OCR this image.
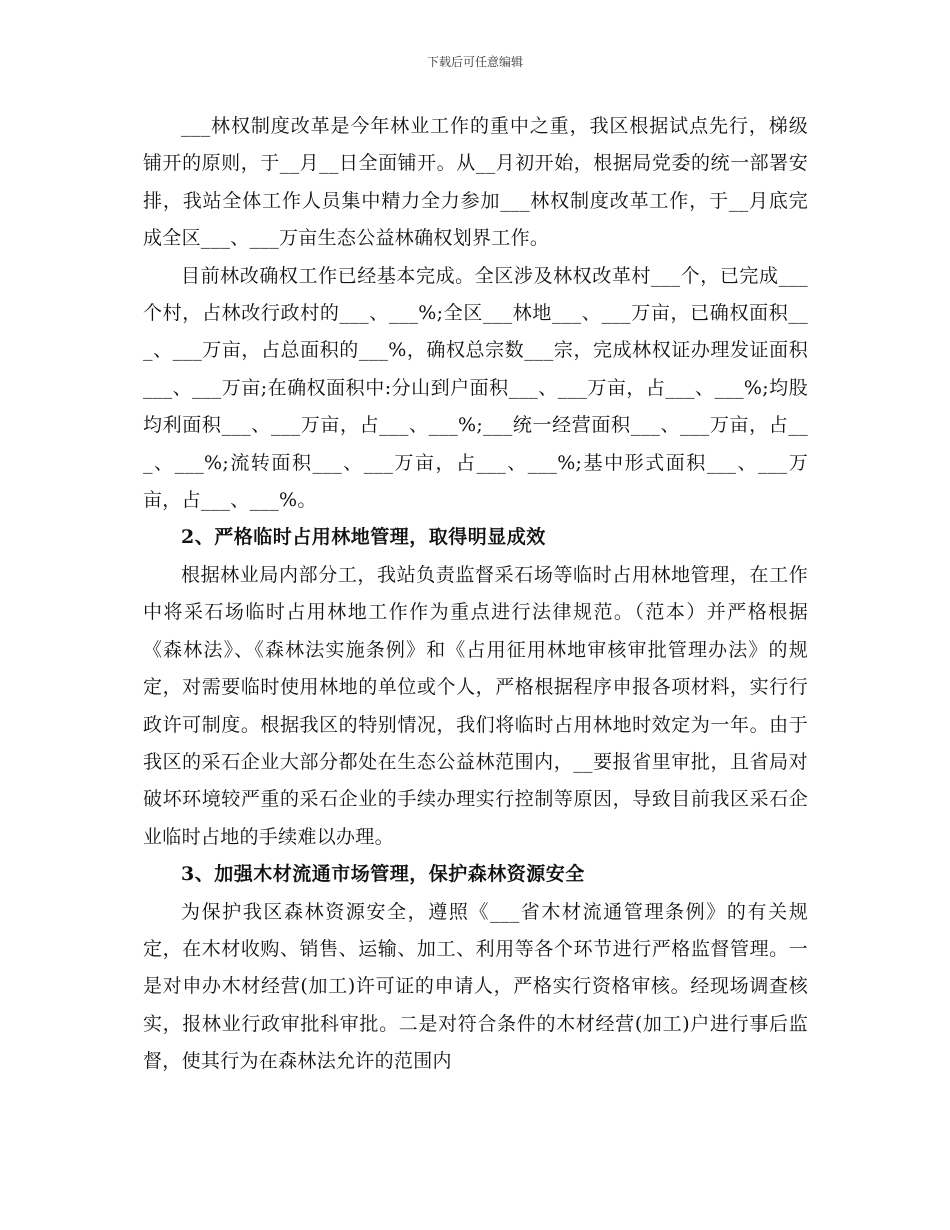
下载后可任意编辑

___林权制度改革是今年林业工作的重中之重，我区根据试点先行，梯级铺开的原则，于__月__日全面铺开。从__月初开始，根据局党委的统一部署安排，我站全体工作人员集中精力全力参加___林权制度改革工作，于__月底完成全区___、___万亩生态公益林确权划界工作。

目前林改确权工作已经基本完成。全区涉及林权改革村___个，已完成___个村，占林改行政村的___、___%;全区___林地___、___万亩，已确权面积___、___万亩，占总面积的___%，确权总宗数___宗，完成林权证办理发证面积___、___万亩;在确权面积中:分山到户面积___、___万亩，占___、___%;均股均利面积___、___万亩，占___、___%;___统一经营面积___、___万亩，占___、___%;流转面积___、___万亩，占___、___%;基中形式面积___、___万亩，占___、___%。

2、严格临时占用林地管理，取得明显成效

根据林业局内部分工，我站负责监督采石场等临时占用林地管理，在工作中将采石场临时占用林地工作作为重点进行法律规范。（范本）并严格根据《森林法》、《森林法实施条例》和《占用征用林地审核审批管理办法》的规定，对需要临时使用林地的单位或个人，严格根据程序申报各项材料，实行行政许可制度。根据我区的特别情况，我们将临时占用林地时效定为一年。由于我区的采石企业大部分都处在生态公益林范围内，__要报省里审批，且省局对破坏环境较严重的采石企业的手续办理实行控制等原因，导致目前我区采石企业临时占地的手续难以办理。

3、加强木材流通市场管理，保护森林资源安全

为保护我区森林资源安全，遵照《___省木材流通管理条例》的有关规定，在木材收购、销售、运输、加工、利用等各个环节进行严格监督管理。一是对申办木材经营(加工)许可证的申请人，严格实行资格审核。经现场调查核实，报林业行政审批科审批。二是对符合条件的木材经营(加工)户进行事后监督，使其行为在森林法允许的范围内
